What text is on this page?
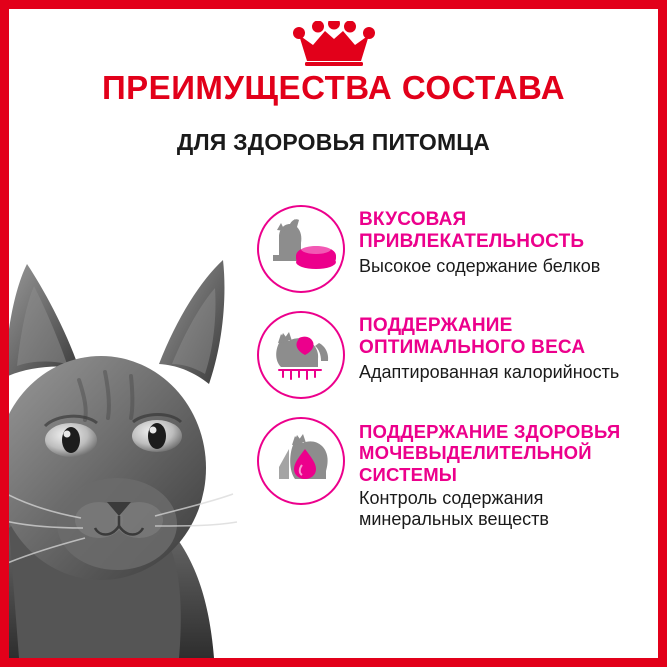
ПРЕИМУЩЕСТВА СОСТАВА
ДЛЯ ЗДОРОВЬЯ ПИТОМЦА
ВКУСОВАЯ ПРИВЛЕКАТЕЛЬНОСТЬ
Высокое содержание белков
ПОДДЕРЖАНИЕ ОПТИМАЛЬНОГО ВЕСА
Адаптированная калорийность
ПОДДЕРЖАНИЕ ЗДОРОВЬЯ МОЧЕВЫДЕЛИТЕЛЬНОЙ СИСТЕМЫ
Контроль содержания минеральных веществ
